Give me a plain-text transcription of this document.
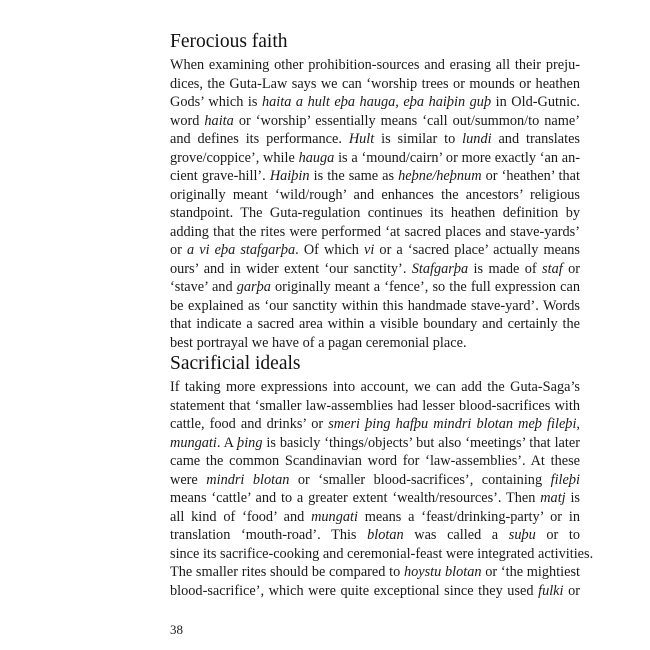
Ferocious faith
When examining other prohibition-sources and erasing all their preju-
dices, the Guta-Law says we can ‘worship trees or mounds or heathen
Gods’ which is haita a hult eþa hauga, eþa haiþin guþ in Old-Gutnic.
word haita or ‘worship’ essentially means ‘call out/summon/to name’
and defines its performance. Hult is similar to lundi and translates
grove/coppice’, while hauga is a ‘mound/cairn’ or more exactly ‘an an-
cient grave-hill’. Haiþin is the same as heþne/heþnum or ‘heathen’ that
originally meant ‘wild/rough’ and enhances the ancestors’ religious
standpoint. The Guta-regulation continues its heathen definition by
adding that the rites were performed ‘at sacred places and stave-yards’
or a vi eþa stafgarþa. Of which vi or a ‘sacred place’ actually means
ours’ and in wider extent ‘our sanctity’. Stafgarþa is made of staf or
‘stave’ and garþa originally meant a ‘fence’, so the full expression can
be explained as ‘our sanctity within this handmade stave-yard’. Words
that indicate a sacred area within a visible boundary and certainly the
best portrayal we have of a pagan ceremonial place.
Sacrificial ideals
If taking more expressions into account, we can add the Guta-Saga’s
statement that ‘smaller law-assemblies had lesser blood-sacrifices with
cattle, food and drinks’ or smeri þing hafþu mindri blotan meþ fileþi,
mungati. A þing is basicly ‘things/objects’ but also ‘meetings’ that later
came the common Scandinavian word for ‘law-assemblies’. At these
were mindri blotan or ‘smaller blood-sacrifices’, containing fileþi
means ‘cattle’ and to a greater extent ‘wealth/resources’. Then matj is
all kind of ‘food’ and mungati means a ‘feast/drinking-party’ or in
translation ‘mouth-road’. This blotan was called a suþu or to
since its sacrifice-cooking and ceremonial-feast were integrated activities.
The smaller rites should be compared to hoystu blotan or ‘the mightiest
blood-sacrifice’, which were quite exceptional since they used fulki or
38
